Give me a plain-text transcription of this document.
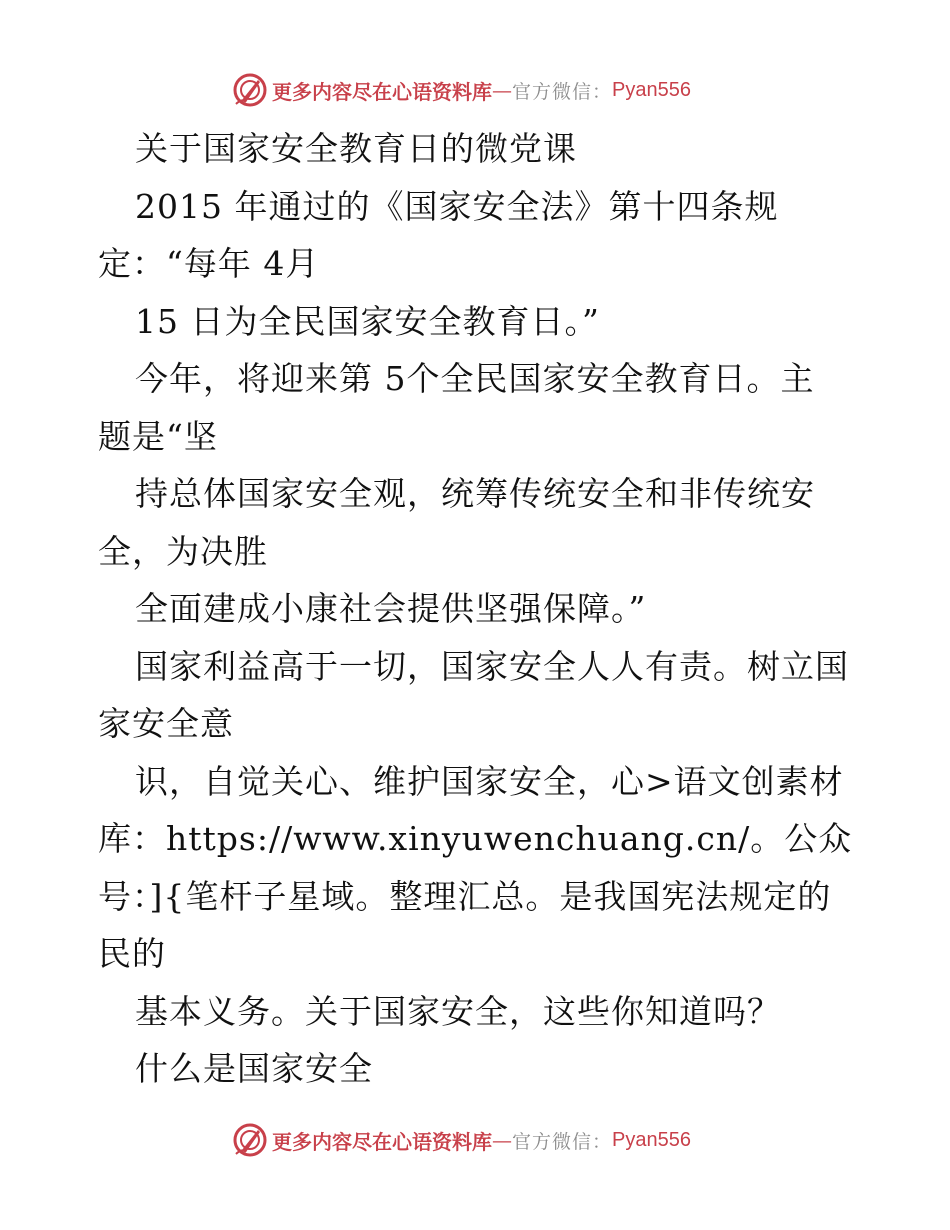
更多内容尽在心语资料库 — 官方微信： Pyan556
关于国家安全教育日的微党课
2015 年通过的《国家安全法》第十四条规
定：“每年 4月
15 日为全民国家安全教育日。”
今年，将迎来第 5个全民国家安全教育日。主
题是“坚
持总体国家安全观，统筹传统安全和非传统安
全，为决胜
全面建成小康社会提供坚强保障。”
国家利益高于一切，国家安全人人有责。树立国
家安全意
识，自觉关心、维护国家安全，心>语文创素材
库：https://www.xinyuwenchuang.cn/。公众
号：]{笔杆子星域。整理汇总。是我国宪法规定的
民的
基本义务。关于国家安全，这些你知道吗？
什么是国家安全
更多内容尽在心语资料库 — 官方微信： Pyan556
